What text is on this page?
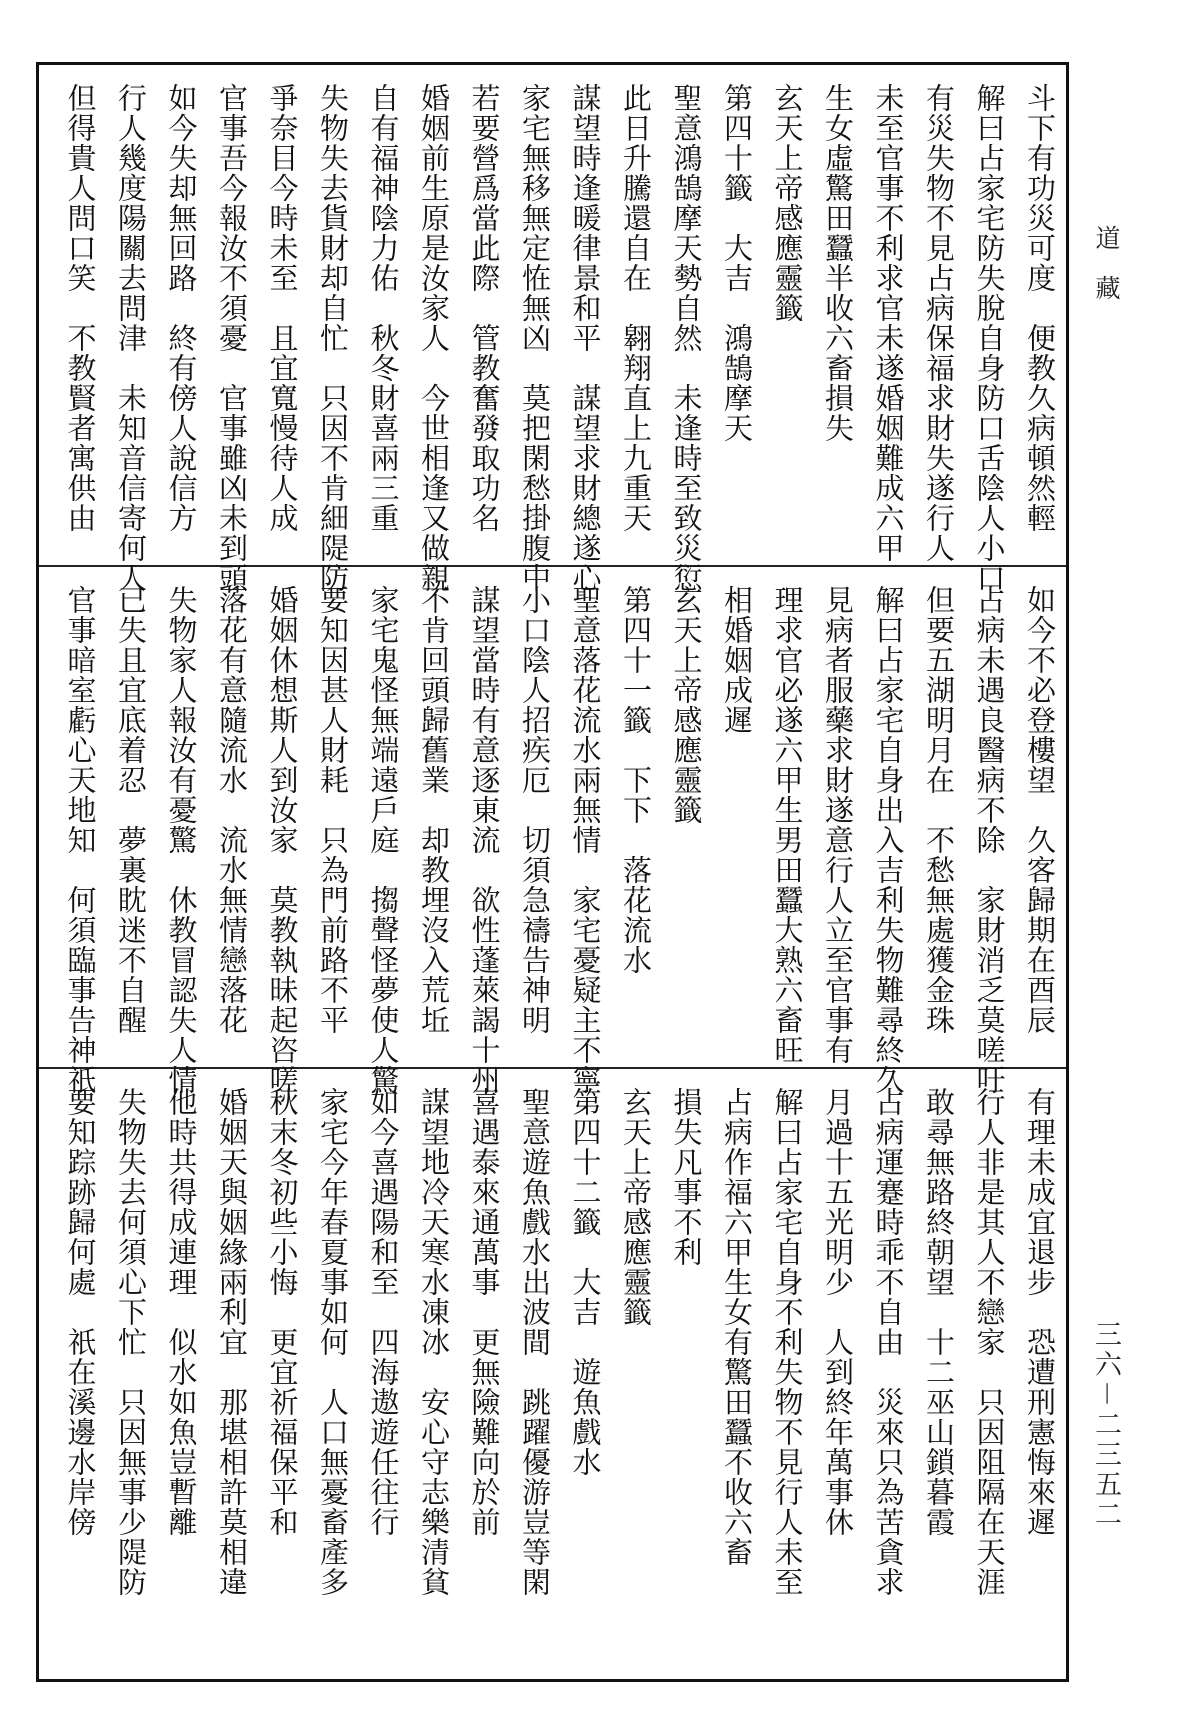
斗下有功災可度　便教久病頓然輕
解曰占家宅防失脫自身防口舌陰人小口
有災失物不見占病保福求財失遂行人
未至官事不利求官未遂婚姻難成六甲
生女虛驚田蠶半收六畜損失
玄天上帝感應靈籤
第四十籤　大吉　鴻鵠摩天
聖意鴻鵠摩天勢自然　未逢時至致災愆
此日升騰還自在　翱翔直上九重天
謀望時逢暖律景和平　謀望求財總遂心
家宅無移無定恠無凶　莫把閑愁掛腹中
若要營爲當此際　管教奮發取功名
婚姻前生原是汝家人　今世相逢又做親
自有福神陰力佑　秋冬財喜兩三重
失物失去貨財却自忙　只因不肯細隄防
爭奈目今時未至　且宜寬慢待人成
官事吾今報汝不須憂　官事雖凶未到頭
如今失却無回路　終有傍人說信方
行人幾度陽關去問津　未知音信寄何人
但得貴人問口笑　不教賢者寓供由
如今不必登樓望　久客歸期在酉辰
占病未遇良醫病不除　家財消乏莫嗟吁
但要五湖明月在　不愁無處獲金珠
解曰占家宅自身出入吉利失物難尋終久
見病者服藥求財遂意行人立至官事有
理求官必遂六甲生男田蠶大熟六畜旺
相婚姻成遲
玄天上帝感應靈籤
第四十一籤　下下　落花流水
聖意落花流水兩無情　家宅憂疑主不寧
小口陰人招疾厄　切須急禱告神明
謀望當時有意逐東流　欲性蓬萊謁十州
不肯回頭歸舊業　却教埋沒入荒坵
家宅鬼怪無端遠戶庭　搊聲怪夢使人驚
要知因甚人財耗　只為門前路不平
婚姻休想斯人到汝家　莫教執昧起咨嗟
落花有意隨流水　流水無情戀落花
失物家人報汝有憂驚　休教冒認失人情
已失且宜底着忍　夢裏眈迷不自醒
官事暗室虧心天地知　何須臨事告神祇
有理未成宜退步　恐遭刑憲悔來遲
行人非是其人不戀家　只因阻隔在天涯
敢尋無路終朝望　十二巫山鎖暮霞
占病運蹇時乖不自由　災來只為苦貪求
月過十五光明少　人到終年萬事休
解曰占家宅自身不利失物不見行人未至
占病作福六甲生女有驚田蠶不收六畜
損失凡事不利
玄天上帝感應靈籤
第四十二籤　大吉　遊魚戲水
聖意遊魚戲水出波間　跳躍優游豈等閑
喜遇泰來通萬事　更無險難向於前
謀望地冷天寒水凍冰　安心守志樂清貧
如今喜遇陽和至　四海遨遊任往行
家宅今年春夏事如何　人口無憂畜產多
秋末冬初些小悔　更宜祈福保平和
婚姻天與姻緣兩利宜　那堪相許莫相違
他時共得成連理　似水如魚豈暫離
失物失去何須心下忙　只因無事少隄防
要知踪跡歸何處　祇在溪邊水岸傍
道　藏
三六－二三五二
